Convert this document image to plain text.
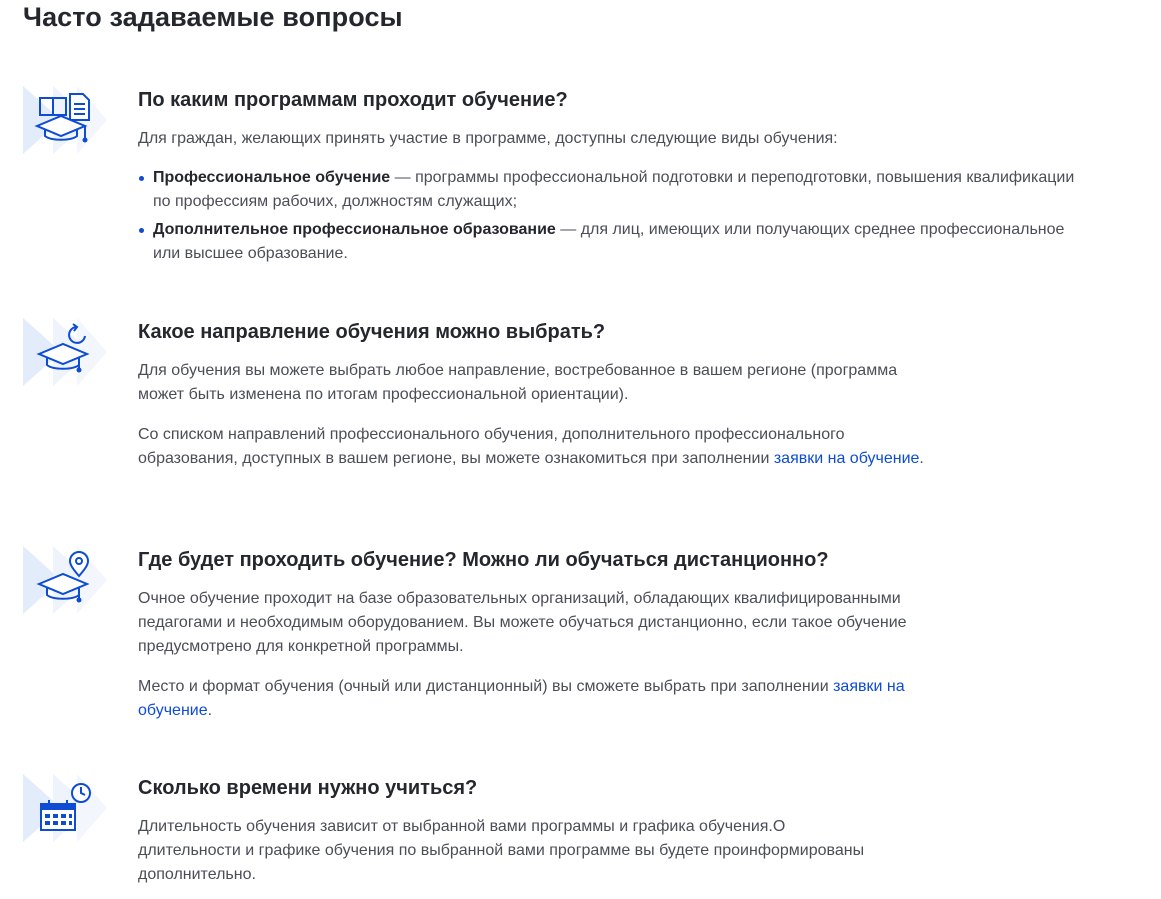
Часто задаваемые вопросы
По каким программам проходит обучение?

Для граждан, желающих принять участие в программе, доступны следующие виды обучения:

Профессиональное обучение — программы профессиональной подготовки и переподготовки, повышения квалификации по профессиям рабочих, должностям служащих;
Дополнительное профессиональное образование — для лиц, имеющих или получающих среднее профессиональное или высшее образование.
Какое направление обучения можно выбрать?

Для обучения вы можете выбрать любое направление, востребованное в вашем регионе (программа может быть изменена по итогам профессиональной ориентации).

Со списком направлений профессионального обучения, дополнительного профессионального образования, доступных в вашем регионе, вы можете ознакомиться при заполнении заявки на обучение.

Где будет проходить обучение? Можно ли обучаться дистанционно?

Очное обучение проходит на базе образовательных организаций, обладающих квалифицированными педагогами и необходимым оборудованием. Вы можете обучаться дистанционно, если такое обучение предусмотрено для конкретной программы.

Место и формат обучения (очный или дистанционный) вы сможете выбрать при заполнении заявки на обучение.

Сколько времени нужно учиться?

Длительность обучения зависит от выбранной вами программы и графика обучения.О длительности и графике обучения по выбранной вами программе вы будете проинформированы дополнительно.
